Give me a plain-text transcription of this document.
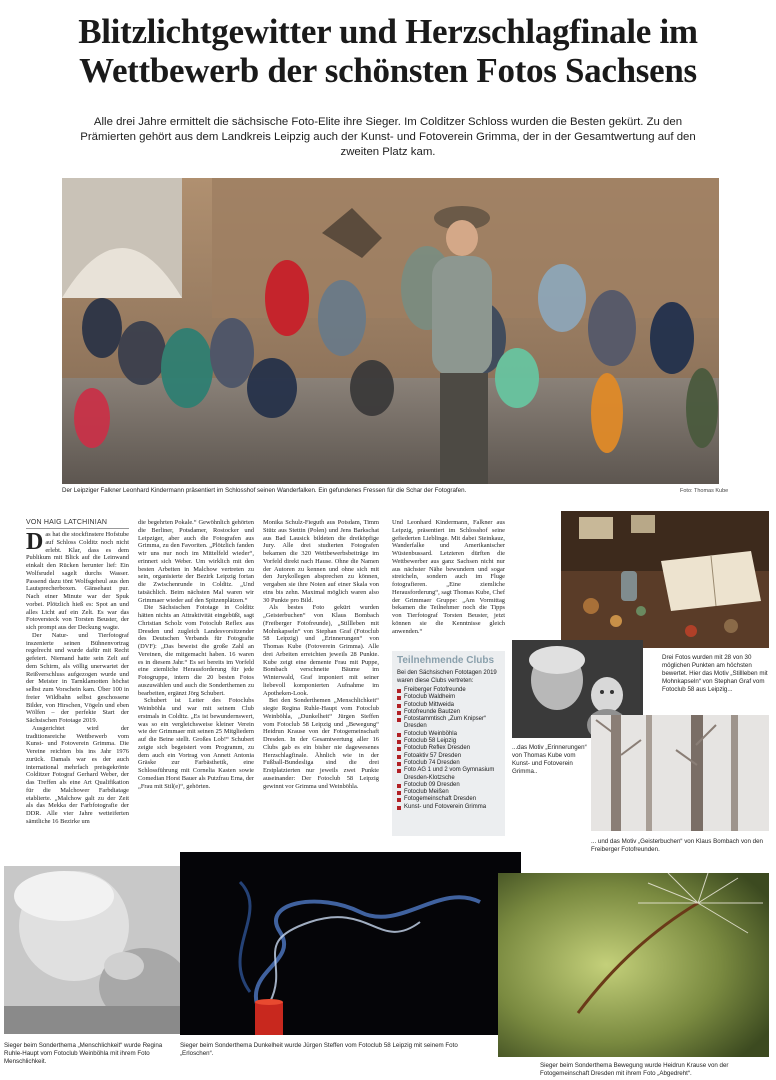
Blitzlichtgewitter und Herzschlagfinale im
Wettbewerb der schönsten Fotos Sachsens
Alle drei Jahre ermittelt die sächsische Foto-Elite ihre Sieger. Im Colditzer Schloss wurden die Besten gekürt. Zu den Prämierten gehört aus dem Landkreis Leipzig auch der Kunst- und Fotoverein Grimma, der in der Gesamtwertung auf den zweiten Platz kam.
Der Leipziger Falkner Leonhard Kindermann präsentiert im Schlosshof seinen Wanderfalken. Ein gefundenes Fressen für die Schar der Fotografen.	Foto: Thomas Kube
VON HAIG LATCHINIAN
D as hat die stockfinstere Hofstube auf Schloss Colditz noch nicht erlebt. Klar, dass es dem Publikum mit Blick auf die Leinwand einkalt den Rücken herunter lief: Ein Wolfsrudel sagelt durchs Wasser. Passend dazu tönt Wolfsgeheul aus den Lautsprecherboxen. Gänsehaut pur. Nach einer Minute war der Spuk vorbei. Plötzlich hieß es: Spot an und alles Licht auf ein Zelt. Es war das Fotoversteck von Torsten Beuster, der sich prompt aus der Deckung wagte.

Der Natur- und Tierfotograf inszenierte seinen Bühnenvortrag regelrecht und wurde dafür mit Recht gefeiert. Niemand hatte sein Zelt auf dem Schirm, als völlig unerwartet der Reißverschluss aufgezogen wurde und der Meister in Tarnklamotten höchst selbst zum Vorschein kam. Über 100 in freier Wildbahn selbst geschossene Bilder, von Hirschen, Vögeln und eben Wölfen – der perfekte Start der Sächsischen Fototage 2019.

Ausgerichtet wird der traditionsreiche Wettbewerb vom Kunst- und Fotoverein Grimma. Die Vereine reichten bis ins Jahr 1976 zurück. Damals war es der auch international mehrfach preisgekrönte Colditzer Fotograf Gerhard Weber, der das Treffen als eine Art Qualifikation für die Malchower Farbdiatage etablierte. „Malchow galt zu der Zeit als das Mekka der Farbfotografie der DDR. Alle vier Jahre wetteiferten sämtliche 16 Bezirke um

die begehrten Pokale.“ Gewöhnlich gehörten die Berliner, Potsdamer, Rostocker und Leipziger, aber auch die Fotografen aus Grimma, zu den Favoriten. „Plötzlich fanden wir uns nur noch im Mittelfeld wieder“, erinnert sich Weber. Um wirklich mit den besten Arbeiten in Malchow vertreten zu sein, organisierte der Bezirk Leipzig fortan die Zwischenrunde in Colditz. „Und tatsächlich. Beim nächsten Mal waren wir Grimmaer wieder auf den Spitzenplätzen.“

Die Sächsischen Fototage in Colditz hätten nichts an Attraktivität eingebüßt, sagt Christian Scholz vom Fotoclub Reflex aus Dresden und zugleich Landesvorsitzender des Deutschen Verbands für Fotografie (DVF): „Das beweist die große Zahl an Vereinen, die mitgemacht haben. 16 waren es in diesem Jahr.“ Es sei bereits im Vorfeld eine ziemliche Herausforderung für jede Fotogruppe, intern die 20 besten Fotos auszuwählen und auch die Sonderthemen zu bearbeiten, ergänzt Jörg Schubert.

Schubert ist Leiter des Fotoclubs Weinböhla und war mit seinem Club erstmals in Colditz. „Es ist bewundernswert, was so ein vergleichsweise kleiner Verein wie der Grimmaer mit seinen 25 Mitgliedern auf die Beine stellt. Großes Lob!“ Schubert zeigte sich begeistert vom Programm, zu dem auch ein Vortrag von Annett Antonia Gräske zur Farbästhetik, eine Schlossführung mit Cornelia Kasten sowie Comedian Horst Bauer als Putzfrau Erna, der „Frau mit Stil(e)“, gehörten.

Monika Schulz-Fieguth aus Potsdam, Timm Stütz aus Stettin (Polen) und Jens Barkschat aus Bad Lausick bildeten die dreiköpfige Jury. Alle drei studierten Fotografen bekamen die 320 Wettbewerbsbeiträge im Vorfeld direkt nach Hause. Ohne die Namen der Autoren zu kennen und ohne sich mit den Jurykollegen absprechen zu können, vergaben sie ihre Noten auf einer Skala von eins bis zehn. Maximal möglich waren also 30 Punkte pro Bild.

Als bestes Foto gekürt wurden „Geisterbuchen“ von Klaus Bombach (Freiberger Fotofreunde), „Stillleben mit Mohnkapseln“ von Stephan Graf (Fotoclub 58 Leipzig) und „Erinnerungen“ von Thomas Kube (Fotoverein Grimma). Alle drei Arbeiten erreichten jeweils 28 Punkte. Kube zeigt eine demente Frau mit Puppe, Bombach verschneite Bäume im Winterwald, Graf imponiert mit seiner liebevoll komponierten Aufnahme im Apotheken-Look.

Bei den Sonderthemen „Menschlichkeit“ siegte Regina Ruhle-Haupt vom Fotoclub Weinböhla, „Dunkelheit“ Jürgen Steffen vom Fotoclub 58 Leipzig und „Bewegung“ Heidrun Krause von der Fotogemeinschaft Dresden. In der Gesamtwertung aller 16 Clubs gab es ein bisher nie dagewesenes Herzschlagfinale. Ähnlich wie in der Fußball-Bundesliga sind die drei Erstplatzierten nur jeweils zwei Punkte auseinander: Der Fotoclub 58 Leipzig gewinnt vor Grimma und Weinböhla.

Und Leonhard Kindermann, Falkner aus Leipzig, präsentiert im Schlosshof seine gefiederten Lieblinge. Mit dabei Steinkauz, Wanderfalke und Amerikanischer Wüstenbussard. Letzteren dürften die Wettbewerber aus ganz Sachsen nicht nur aus nächster Nähe bewundern und sogar streicheln, sondern auch im Fluge fotografieren. „Eine ziemliche Herausforderung“, sagt Thomas Kube, Chef der Grimmaer Gruppe: „Am Vormittag bekamen die Teilnehmer noch die Tipps von Tierfotograf Torsten Beuster, jetzt können sie die Kenntnisse gleich anwenden.“

Teilnehmende Clubs
Bei den Sächsischen Fototagen 2019 waren diese Clubs vertreten:
Freiberger Fotofreunde
Fotoclub Waldheim
Fotoclub Mittweida
Fotofreunde Bautzen
Fotostammtisch „Zum Knipser“ Dresden
Fotoclub Weinböhla
Fotoclub 58 Leipzig
Fotoclub Reflex Dresden
Fotoaktiv 57 Dresden
Fotoclub 74 Dresden
Foto AG 1 und 2 vom Gymnasium Dresden-Klotzsche
Fotoclub 09 Dresden
Fotoclub Meißen
Fotogemeinschaft Dresden
Kunst- und Fotoverein Grimma
Drei Fotos wurden mit 28 von 30 möglichen Punkten am höchsten bewertet. Hier das Motiv „Stillleben mit Mohnkapseln“ von Stephan Graf vom Fotoclub 58 aus Leipzig...
...das Motiv „Erinnerungen“ von Thomas Kube vom Kunst- und Fotoverein Grimma..
... und das Motiv „Geisterbuchen“ von Klaus Bombach von den Freiberger Fotofreunden.
Sieger beim Sonderthema „Menschlichkeit“ wurde Regina Ruhle-Haupt vom Fotoclub Weinböhla mit ihrem Foto Menschlichkeit.
Sieger beim Sonderthema Dunkelheit wurde Jürgen Steffen vom Fotoclub 58 Leipzig mit seinem Foto „Erloschen“.
Sieger beim Sonderthema Bewegung wurde Heidrun Krause von der Fotogemeinschaft Dresden mit ihrem Foto „Abgedreht“.
